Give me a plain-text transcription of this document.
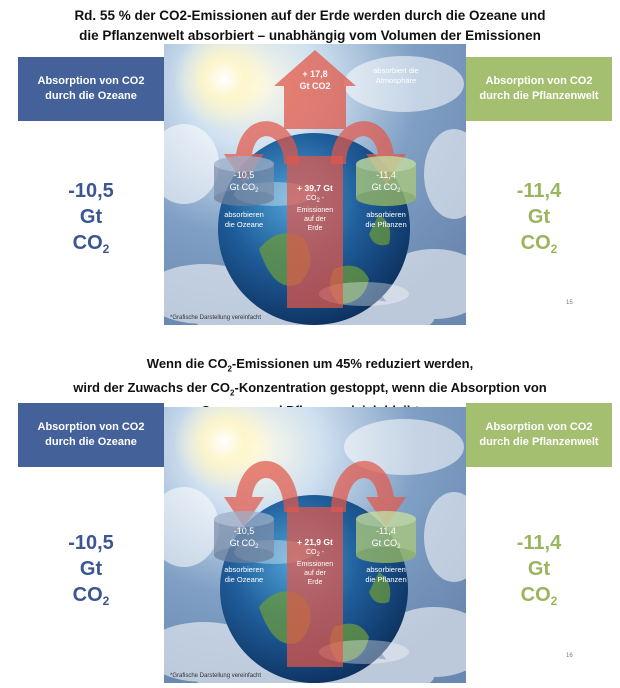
Rd. 55 % der CO2-Emissionen auf der Erde werden durch die Ozeane und
die Pflanzenwelt absorbiert – unabhängig vom Volumen der Emissionen
Absorption von CO2
durch die Ozeane
Absorption von CO2
durch die Pflanzenwelt
-10,5
Gt
$CO_2$
-11,4
Gt
$CO_2$
+ 17,8
Gt CO2
absorbiert die
Atmosphäre
-10,5
Gt $CO_2$
absorbieren
die Ozeane
+ 39,7 Gt
$CO_2$ -
Emissionen
auf der
Erde
-11,4
Gt $CO_2$
absorbieren
die Pflanzen
*Grafische Darstellung vereinfacht
15
Wenn die $CO_2$-Emissionen um 45% reduziert werden,
wird der Zuwachs der $CO_2$-Konzentration gestoppt, wenn die Absorption von
Absorption von CO2
durch die Ozeane
Absorption von CO2
durch die Pflanzenwelt
-10,5
Gt
$CO_2$
-11,4
Gt
$CO_2$
-10,5
Gt $CO_2$
absorbieren
die Ozeane
+ 21,9 Gt
$CO_2$ -
Emissionen
auf der
Erde
-11,4
Gt $CO_2$
absorbieren
die Pflanzen
*Grafische Darstellung vereinfacht
16
